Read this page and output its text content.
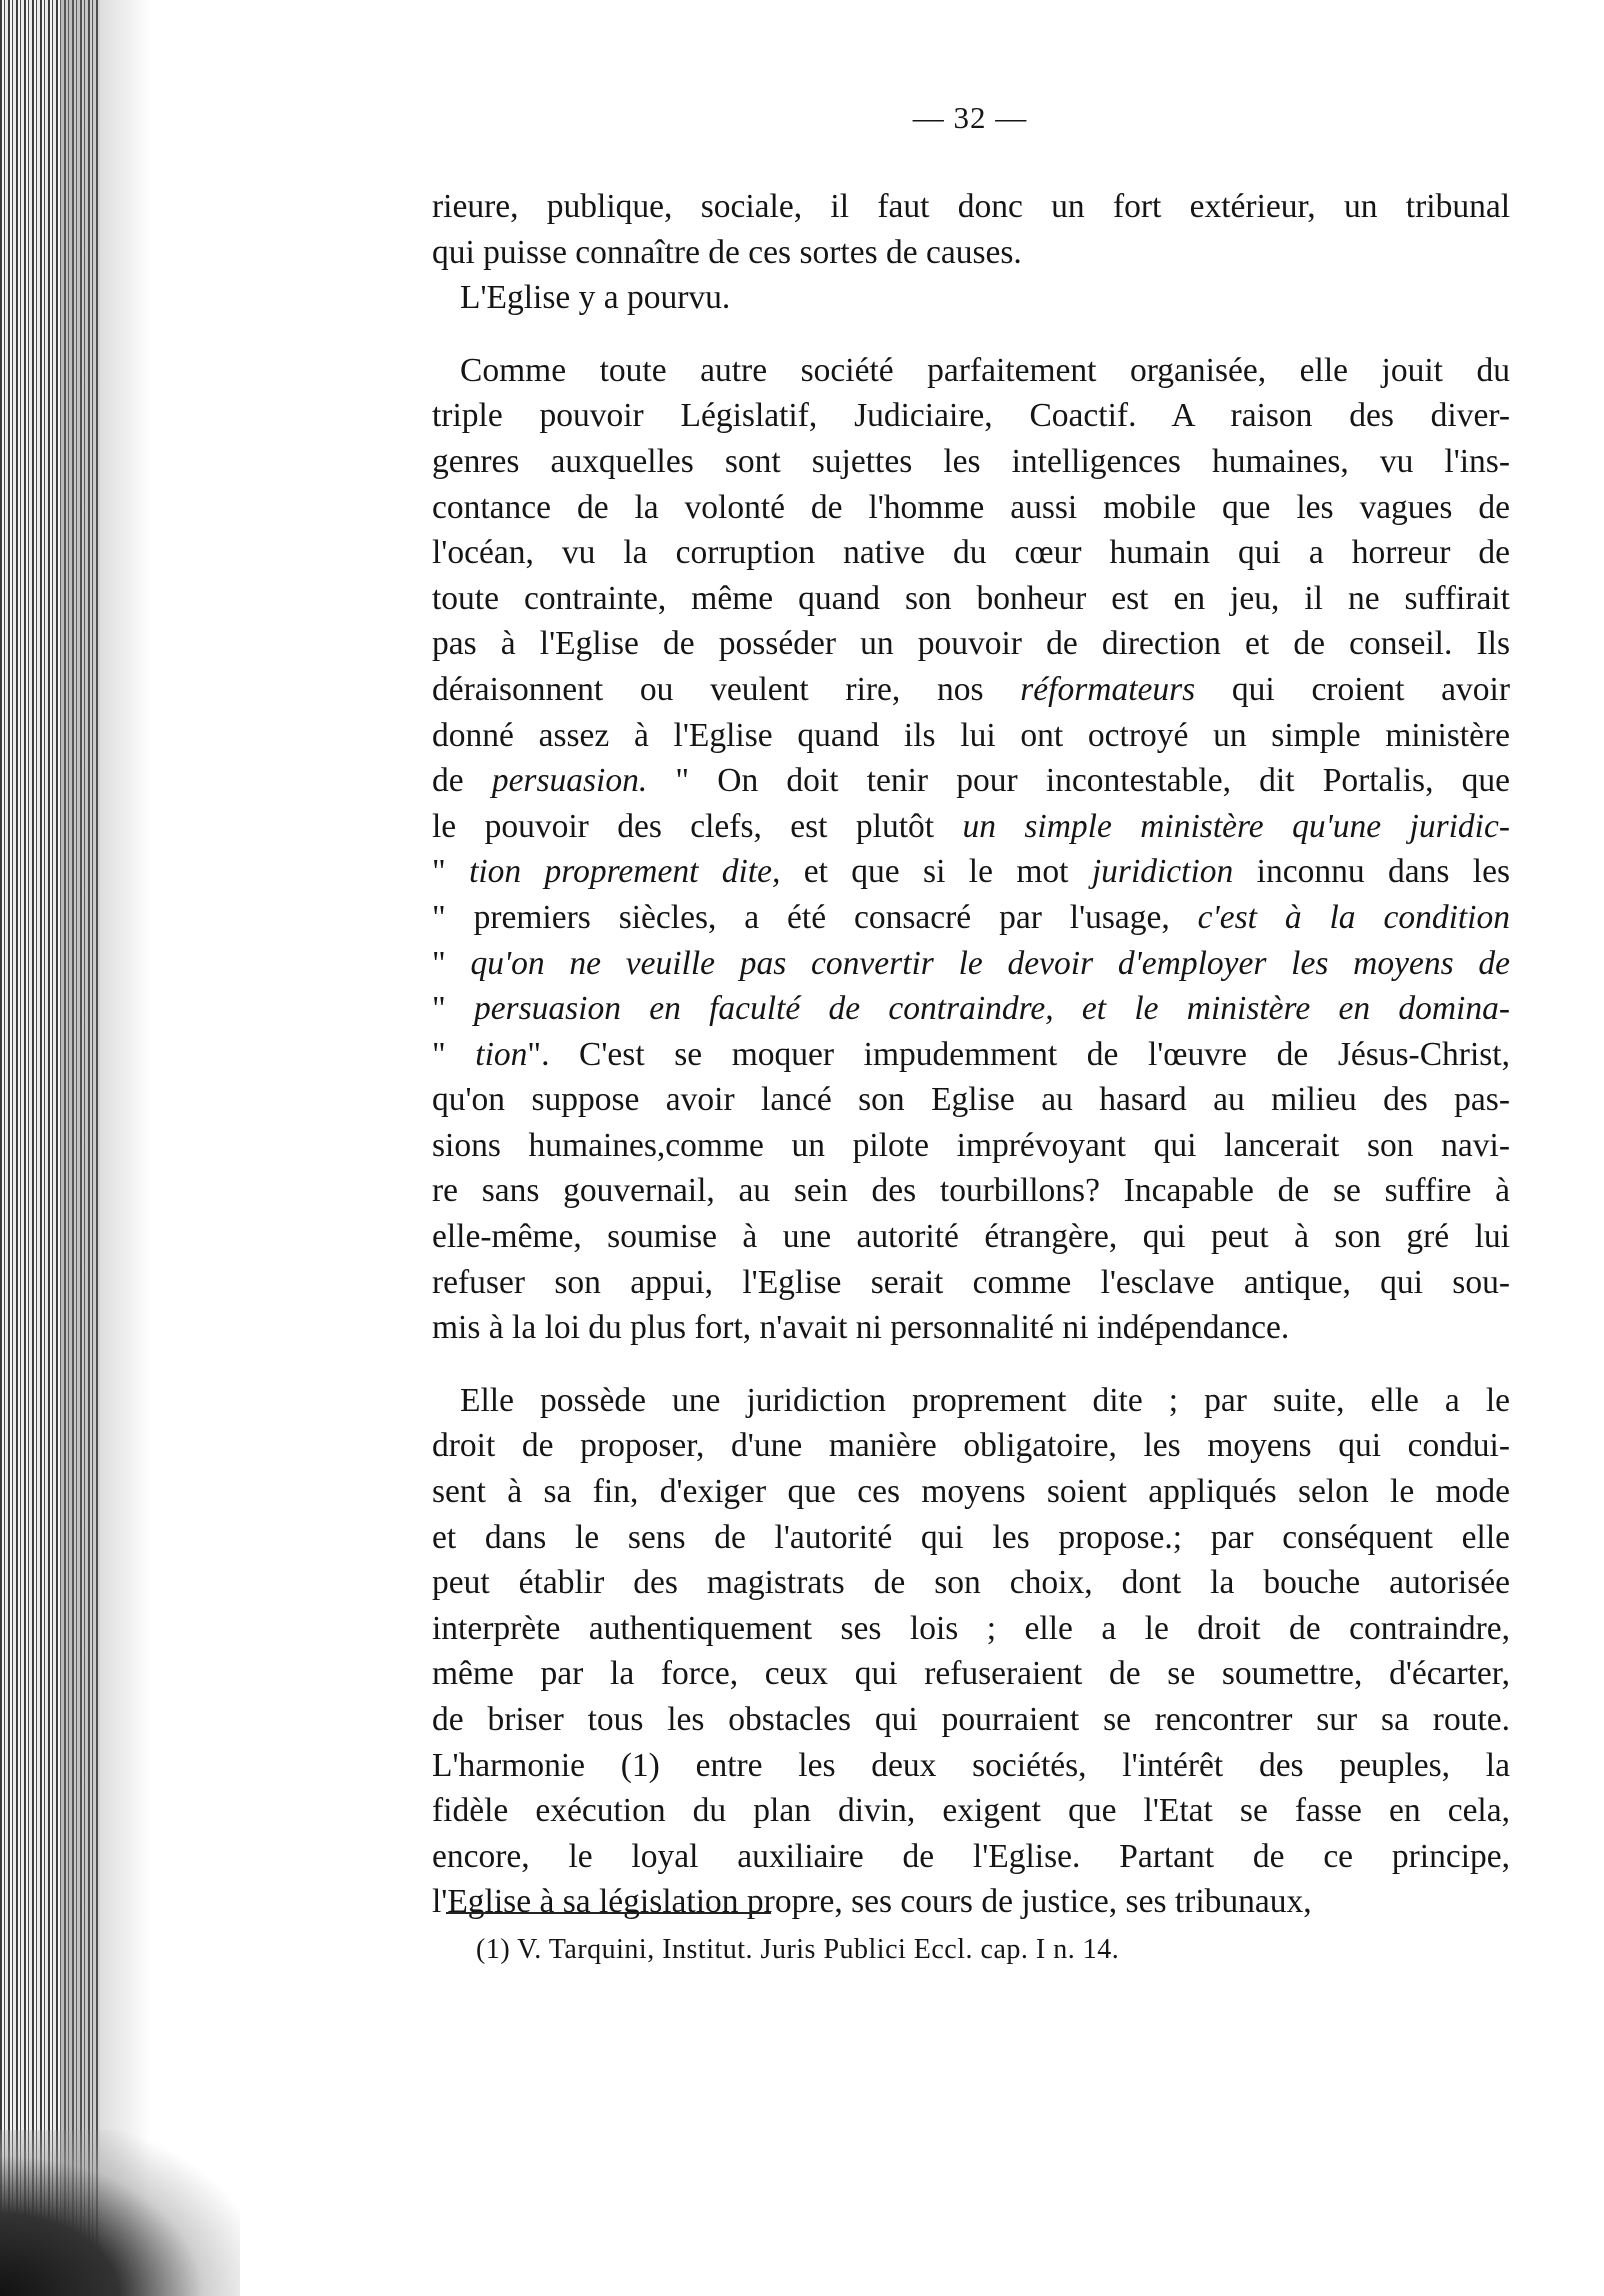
— 32 —
rieure, publique, sociale, il faut donc un fort extérieur, un tribunal
qui puisse connaître de ces sortes de causes.
L'Eglise y a pourvu.
Comme toute autre société parfaitement organisée, elle jouit du
triple pouvoir Législatif, Judiciaire, Coactif. A raison des diver-
genres auxquelles sont sujettes les intelligences humaines, vu l'ins-
contance de la volonté de l'homme aussi mobile que les vagues de
l'océan, vu la corruption native du cœur humain qui a horreur de
toute contrainte, même quand son bonheur est en jeu, il ne suffirait
pas à l'Eglise de posséder un pouvoir de direction et de conseil. Ils
déraisonnent ou veulent rire, nos réformateurs qui croient avoir
donné assez à l'Eglise quand ils lui ont octroyé un simple ministère
de persuasion. " On doit tenir pour incontestable, dit Portalis, que
le pouvoir des clefs, est plutôt un simple ministère qu'une juridic-
" tion proprement dite, et que si le mot juridiction inconnu dans les
" premiers siècles, a été consacré par l'usage, c'est à la condition
" qu'on ne veuille pas convertir le devoir d'employer les moyens de
" persuasion en faculté de contraindre, et le ministère en domina-
" tion". C'est se moquer impudemment de l'œuvre de Jésus-Christ,
qu'on suppose avoir lancé son Eglise au hasard au milieu des pas-
sions humaines,comme un pilote imprévoyant qui lancerait son navi-
re sans gouvernail, au sein des tourbillons? Incapable de se suffire à
elle-même, soumise à une autorité étrangère, qui peut à son gré lui
refuser son appui, l'Eglise serait comme l'esclave antique, qui sou-
mis à la loi du plus fort, n'avait ni personnalité ni indépendance.
Elle possède une juridiction proprement dite ; par suite, elle a le
droit de proposer, d'une manière obligatoire, les moyens qui condui-
sent à sa fin, d'exiger que ces moyens soient appliqués selon le mode
et dans le sens de l'autorité qui les propose.; par conséquent elle
peut établir des magistrats de son choix, dont la bouche autorisée
interprète authentiquement ses lois ; elle a le droit de contraindre,
même par la force, ceux qui refuseraient de se soumettre, d'écarter,
de briser tous les obstacles qui pourraient se rencontrer sur sa route.
L'harmonie (1) entre les deux sociétés, l'intérêt des peuples, la
fidèle exécution du plan divin, exigent que l'Etat se fasse en cela,
encore, le loyal auxiliaire de l'Eglise. Partant de ce principe,
l'Eglise à sa législation propre, ses cours de justice, ses tribunaux,
(1) V. Tarquini, Institut. Juris Publici Eccl. cap. I n. 14.
